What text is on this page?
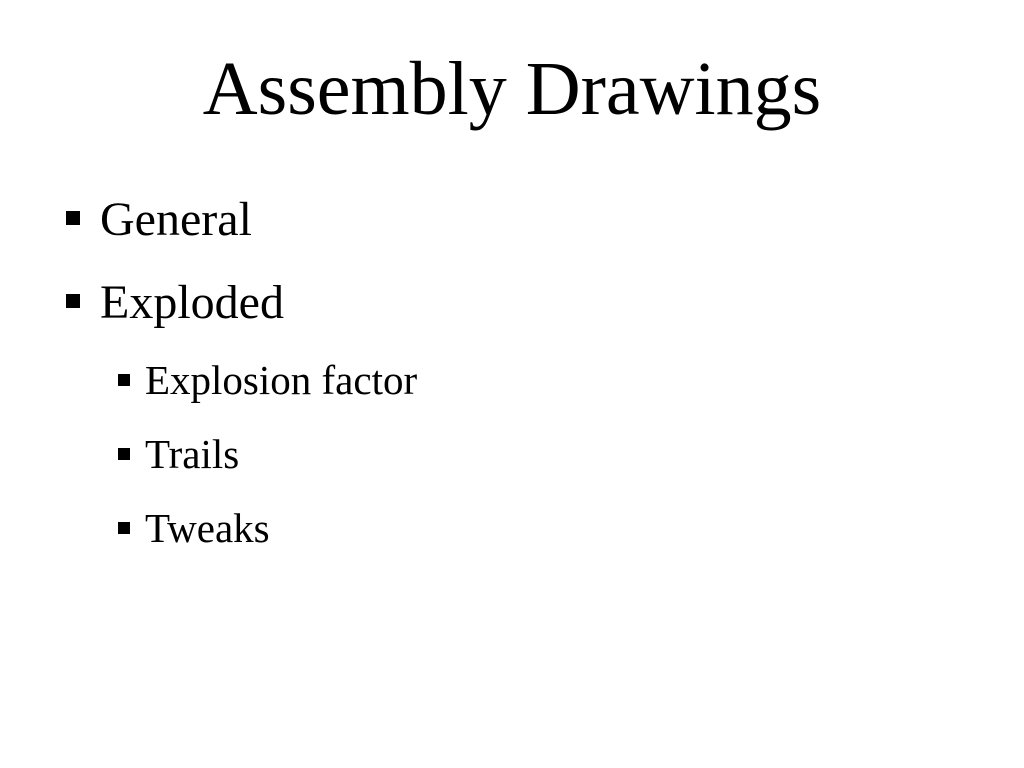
Assembly Drawings
General
Exploded
Explosion factor
Trails
Tweaks
